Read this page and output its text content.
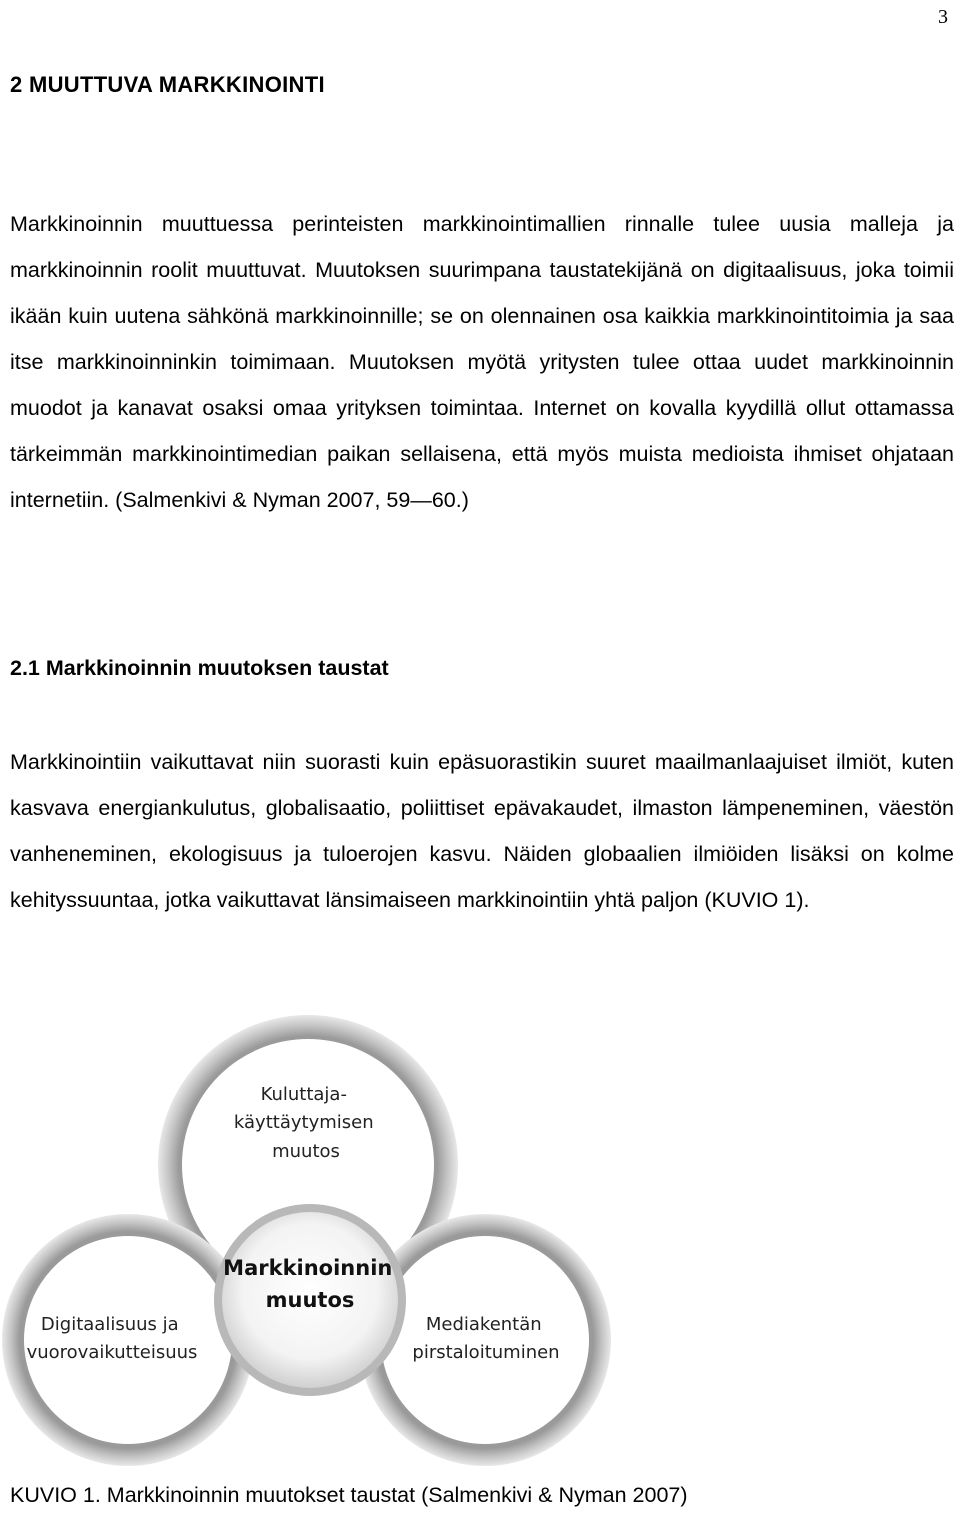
3
2 MUUTTUVA MARKKINOINTI

Markkinoinnin muuttuessa perinteisten markkinointimallien rinnalle tulee uusia malleja ja markkinoinnin roolit muuttuvat. Muutoksen suurimpana taustatekijänä on digitaalisuus, joka toimii ikään kuin uutena sähkönä markkinoinnille; se on olennainen osa kaikkia markkinointitoimia ja saa itse markkinoinninkin toimimaan. Muutoksen myötä yritysten tulee ottaa uudet markkinoinnin muodot ja kanavat osaksi omaa yrityksen toimintaa. Internet on kovalla kyydillä ollut ottamassa tärkeimmän markkinointimedian paikan sellaisena, että myös muista medioista ihmiset ohjataan internetiin. (Salmenkivi & Nyman 2007, 59—60.)

2.1 Markkinoinnin muutoksen taustat

Markkinointiin vaikuttavat niin suorasti kuin epäsuorastikin suuret maailmanlaajuiset ilmiöt, kuten kasvava energiankulutus, globalisaatio, poliittiset epävakaudet, ilmaston lämpeneminen, väestön vanheneminen, ekologisuus ja tuloerojen kasvu. Näiden globaalien ilmiöiden lisäksi on kolme kehityssuuntaa, jotka vaikuttavat länsimaiseen markkinointiin yhtä paljon (KUVIO 1).

Kuluttaja- käyttäytymisen muutos
Digitaalisuus ja vuorovaikutteisuus
Mediakentän pirstaloituminen
Markkinoinnin muutos

KUVIO 1. Markkinoinnin muutokset taustat (Salmenkivi & Nyman 2007)
